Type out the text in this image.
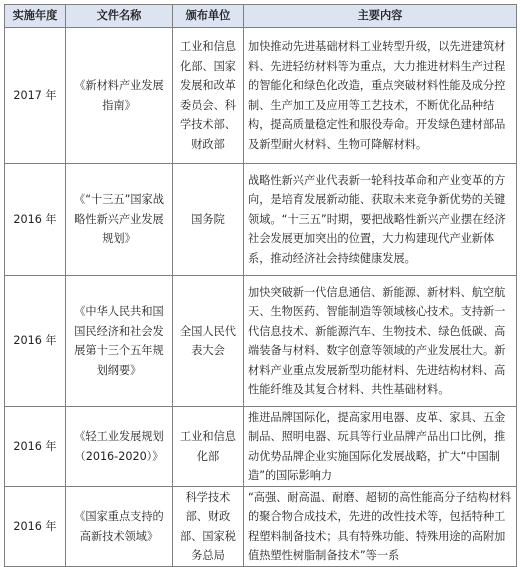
实施年度	文件名称	颁布单位	主要内容
2017 年	《新材料产业发展指南》	工业和信息化部、国家发展和改革委员会、科学技术部、财政部	加快推动先进基础材料工业转型升级，以先进建筑材料、先进轻纺材料等为重点，大力推进材料生产过程的智能化和绿色化改造，重点突破材料性能及成分控制、生产加工及应用等工艺技术，不断优化品种结构，提高质量稳定性和服役寿命。开发绿色建材部品及新型耐火材料、生物可降解材料。
2016 年	《“十三五”国家战略性新兴产业发展规划》	国务院	战略性新兴产业代表新一轮科技革命和产业变革的方向，是培育发展新动能、获取未来竞争新优势的关键领域。“十三五”时期，要把战略性新兴产业摆在经济社会发展更加突出的位置，大力构建现代产业新体系，推动经济社会持续健康发展。
2016 年	《中华人民共和国国民经济和社会发展第十三个五年规划纲要》	全国人民代表大会	加快突破新一代信息通信、新能源、新材料、航空航天、生物医药、智能制造等领域核心技术。支持新一代信息技术、新能源汽车、生物技术、绿色低碳、高端装备与材料、数字创意等领域的产业发展壮大。新材料产业重点发展新型功能材料、先进结构材料、高性能纤维及其复合材料、共性基础材料。
2016 年	《轻工业发展规划（2016-2020）》	工业和信息化部	推进品牌国际化，提高家用电器、皮革、家具、五金制品、照明电器、玩具等行业品牌产品出口比例，推动优势品牌企业实施国际化发展战略，扩大“中国制造”的国际影响力
2016 年	《国家重点支持的高新技术领域》	科学技术部、财政部、国家税务总局	“高强、耐高温、耐磨、超韧的高性能高分子结构材料的聚合物合成技术，先进的改性技术等，包括特种工程塑料制备技术；具有特殊功能、特殊用途的高附加值热塑性树脂制备技术”等一系
